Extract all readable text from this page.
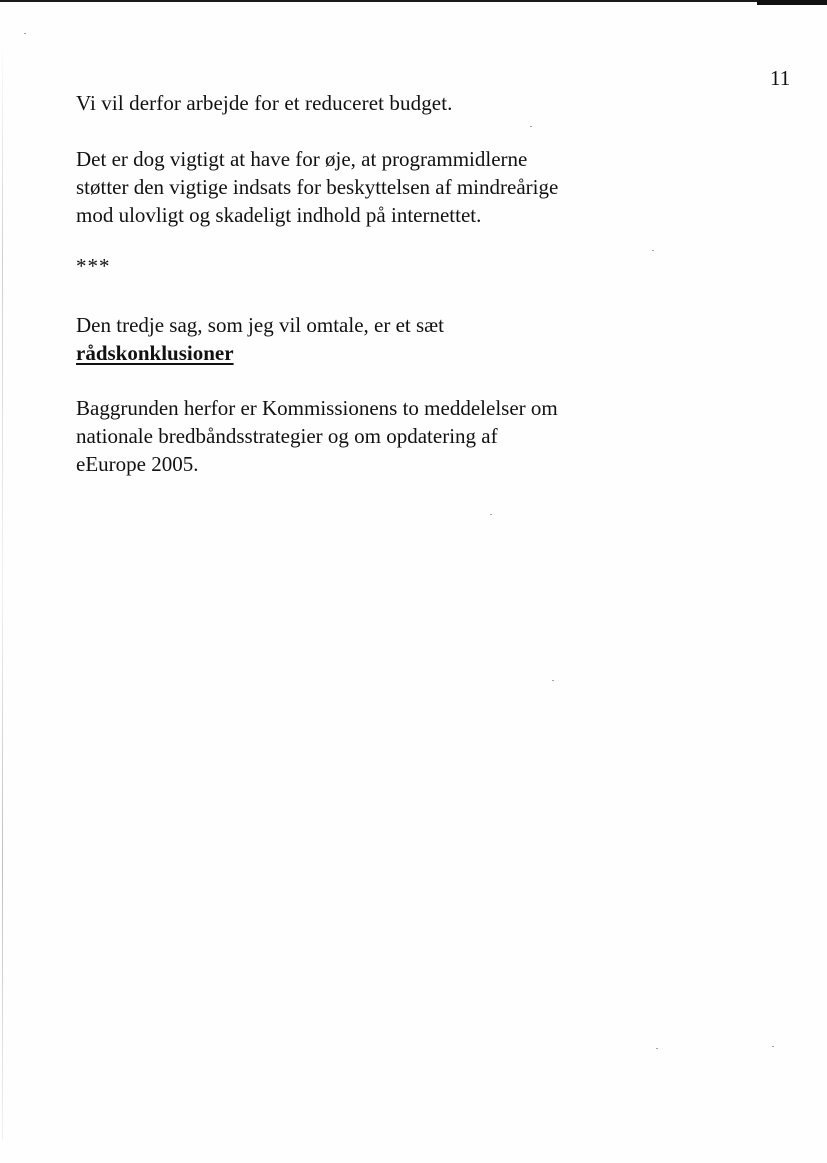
11

Vi vil derfor arbejde for et reduceret budget.

Det er dog vigtigt at have for øje, at programmidlerne
støtter den vigtige indsats for beskyttelsen af mindreårige
mod ulovligt og skadeligt indhold på internettet.

***

Den tredje sag, som jeg vil omtale, er et sæt
rådskonklusioner

Baggrunden herfor er Kommissionens to meddelelser om
nationale bredbåndsstrategier og om opdatering af
eEurope 2005.
